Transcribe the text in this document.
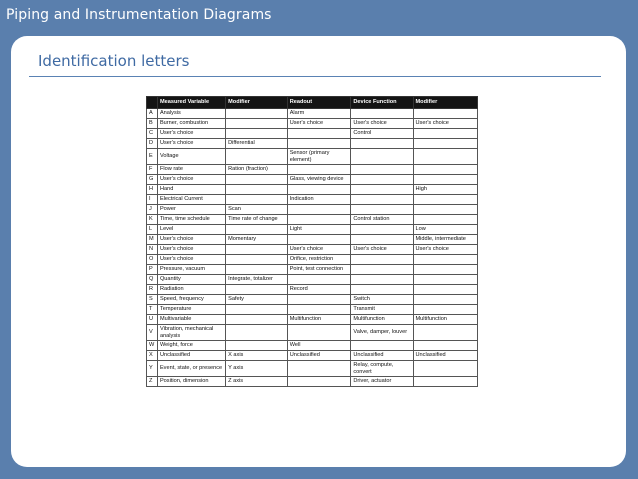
Piping and Instrumentation Diagrams
Identification letters
	Measured Variable	Modifier	Readout	Device Function	Modifier
A	Analysis		Alarm		
B	Burner, combustion		User's choice	User's choice	User's choice
C	User's choice			Control	
D	User's choice	Differential			
E	Voltage		Sensor (primary element)		
F	Flow rate	Ration (fraction)			
G	User's choice		Glass, viewing device		
H	Hand				High
I	Electrical Current		Indication		
J	Power	Scan			
K	Time, time schedule	Time rate of change		Control station	
L	Level		Light		Low
M	User's choice	Momentary			Middle, intermediate
N	User's choice		User's choice	User's choice	User's choice
O	User's choice		Orifice, restriction		
P	Pressure, vacuum		Point, test connection		
Q	Quantity	Integrate, totalizer			
R	Radiation		Record		
S	Speed, frequency	Safety		Switch	
T	Temperature			Transmit	
U	Multivariable		Multifunction	Multifunction	Multifunction
V	Vibration, mechanical analysis			Valve, damper, louver	
W	Weight, force		Well		
X	Unclassified	X axis	Unclassified	Unclassified	Unclassified
Y	Event, state, or presence	Y axis		Relay, compute, convert	
Z	Position, dimension	Z axis		Driver, actuator	
